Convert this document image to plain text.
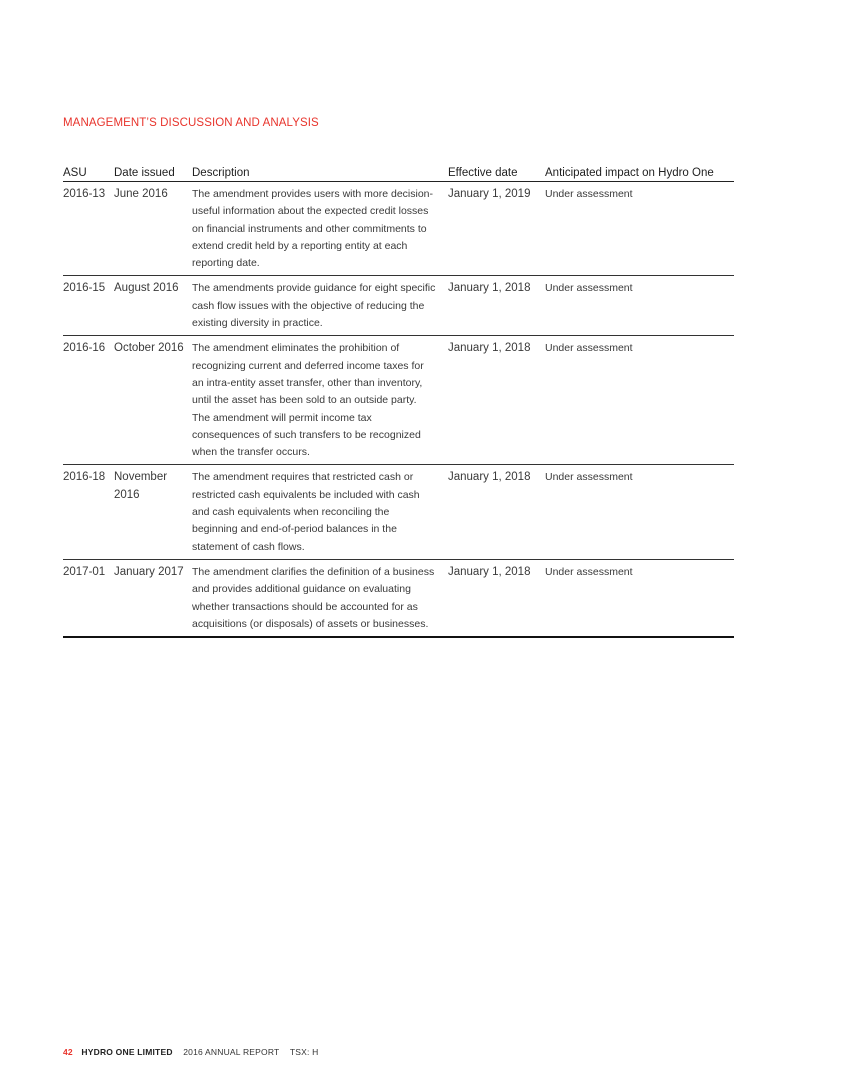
MANAGEMENT’S DISCUSSION AND ANALYSIS
ASU	Date issued	Description	Effective date	Anticipated impact on Hydro One
2016-13	June 2016	The amendment provides users with more decision-useful information about the expected credit losses on financial instruments and other commitments to extend credit held by a reporting entity at each reporting date.	January 1, 2019	Under assessment
2016-15	August 2016	The amendments provide guidance for eight specific cash flow issues with the objective of reducing the existing diversity in practice.	January 1, 2018	Under assessment
2016-16	October 2016	The amendment eliminates the prohibition of recognizing current and deferred income taxes for an intra-entity asset transfer, other than inventory, until the asset has been sold to an outside party. The amendment will permit income tax consequences of such transfers to be recognized when the transfer occurs.	January 1, 2018	Under assessment
2016-18	November 2016	The amendment requires that restricted cash or restricted cash equivalents be included with cash and cash equivalents when reconciling the beginning and end-of-period balances in the statement of cash flows.	January 1, 2018	Under assessment
2017-01	January 2017	The amendment clarifies the definition of a business and provides additional guidance on evaluating whether transactions should be accounted for as acquisitions (or disposals) of assets or businesses.	January 1, 2018	Under assessment
42 HYDRO ONE LIMITED 2016 ANNUAL REPORT TSX: H
